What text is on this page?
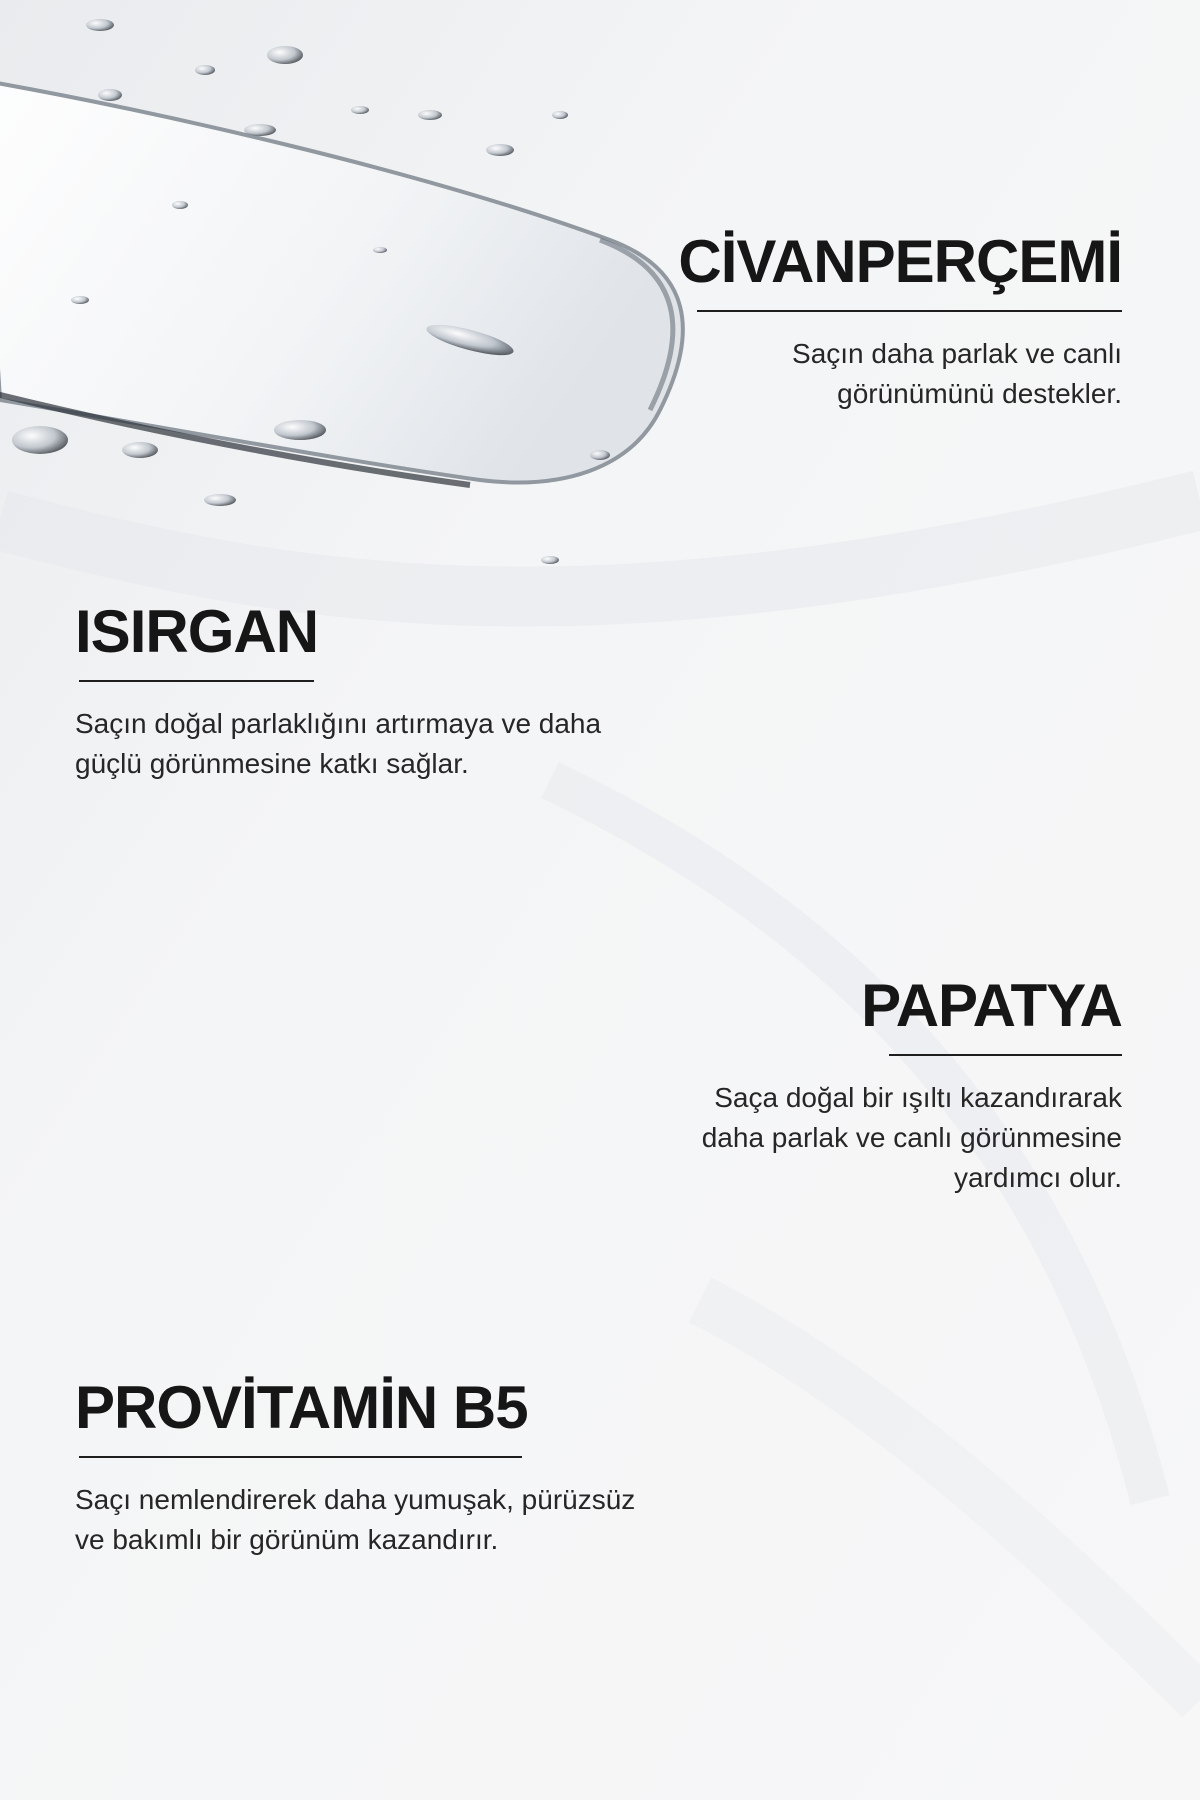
CİVANPERÇEMİ

Saçın daha parlak ve canlı
görünümünü destekler.

ISIRGAN

Saçın doğal parlaklığını artırmaya ve daha
güçlü görünmesine katkı sağlar.

PAPATYA

Saça doğal bir ışıltı kazandırarak
daha parlak ve canlı görünmesine
yardımcı olur.

PROVİTAMİN B5

Saçı nemlendirerek daha yumuşak, pürüzsüz
ve bakımlı bir görünüm kazandırır.
